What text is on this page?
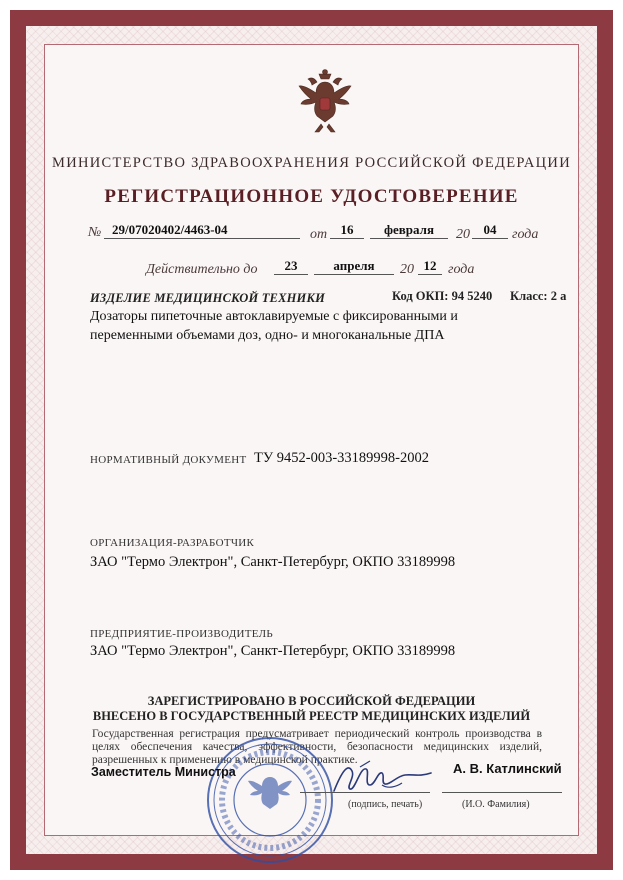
МИНИСТЕРСТВО ЗДРАВООХРАНЕНИЯ РОССИЙСКОЙ ФЕДЕРАЦИИ
РЕГИСТРАЦИОННОЕ УДОСТОВЕРЕНИЕ
№ 29/07020402/4463-04	от	16	февраля	20	04	года
Действительно до	23	апреля	20 12 года
ИЗДЕЛИЕ МЕДИЦИНСКОЙ ТЕХНИКИ	Код ОКП: 94 5240 Класс: 2 а
Дозаторы пипеточные автоклавируемые с фиксированными и
переменными объемами доз, одно- и многоканальные ДПА
НОРМАТИВНЫЙ ДОКУМЕНТ ТУ 9452-003-33189998-2002
ОРГАНИЗАЦИЯ-РАЗРАБОТЧИК
ЗАО "Термо Электрон", Санкт-Петербург, ОКПО 33189998
ПРЕДПРИЯТИЕ-ПРОИЗВОДИТЕЛЬ
ЗАО "Термо Электрон", Санкт-Петербург, ОКПО 33189998
ЗАРЕГИСТРИРОВАНО В РОССИЙСКОЙ ФЕДЕРАЦИИ
ВНЕСЕНО В ГОСУДАРСТВЕННЫЙ РЕЕСТР МЕДИЦИНСКИХ ИЗДЕЛИЙ
Государственная регистрация предусматривает периодический контроль производства в целях обеспечения качества, эффективности, безопасности медицинских изделий, разрешенных к применению в медицинской практике.
Заместитель Министра	А. В. Катлинский
(подпись, печать)	(И.О. Фамилия)
